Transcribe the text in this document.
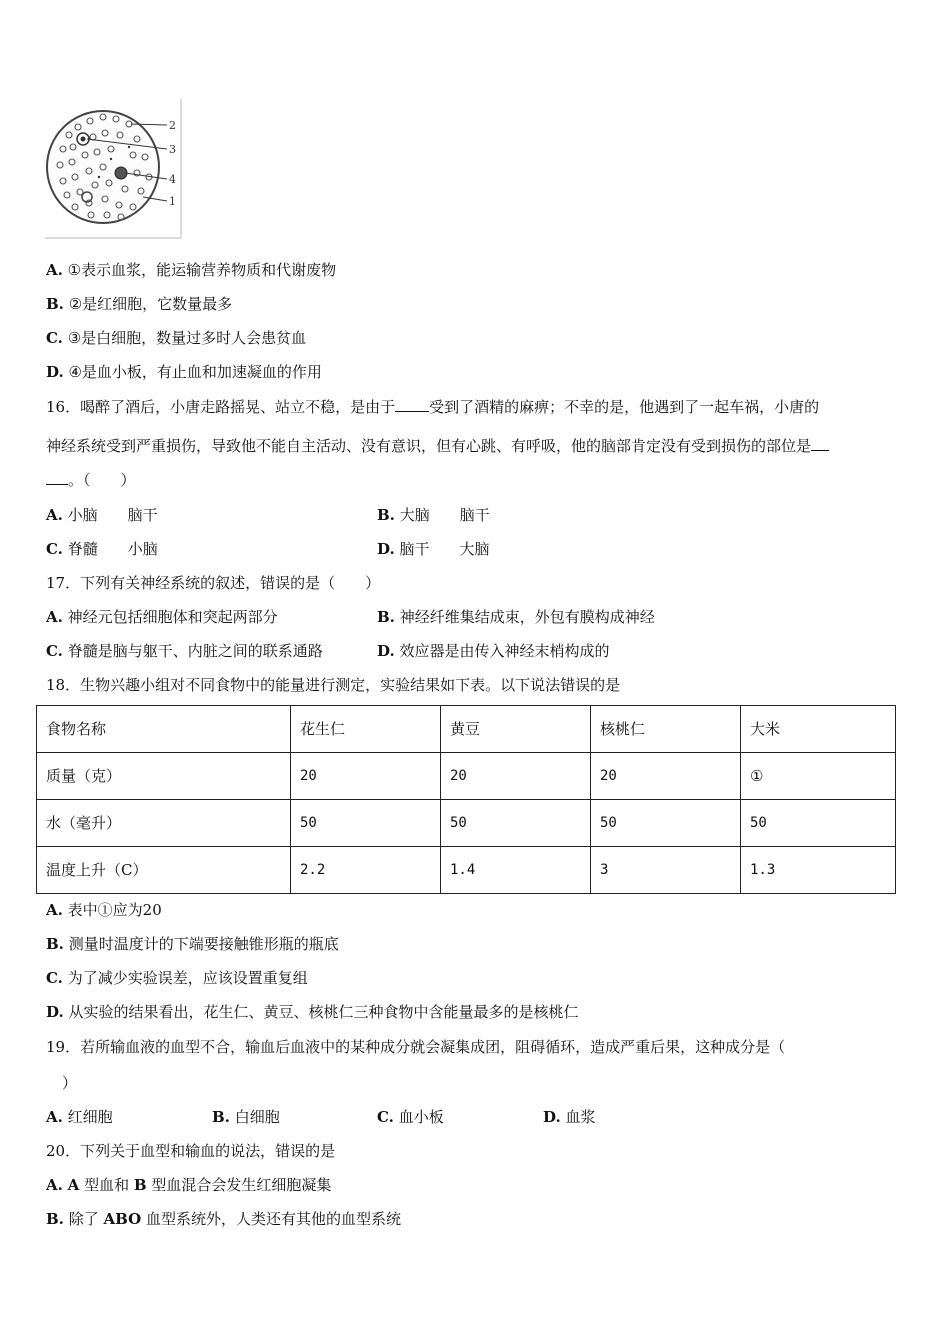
2
3
4
1
A. ①表示血浆，能运输营养物质和代谢废物
B. ②是红细胞，它数量最多
C. ③是白细胞，数量过多时人会患贫血
D. ④是血小板，有止血和加速凝血的作用
16．喝醉了酒后，小唐走路摇晃、站立不稳，是由于 受到了酒精的麻痹；不幸的是，他遇到了一起车祸，小唐的
神经系统受到严重损伤，导致他不能自主活动、没有意识，但有心跳、有呼吸，他的脑部肯定没有受到损伤的部位是
。（　　）
A. 小脑　　脑干	B. 大脑　　脑干
C. 脊髓　　小脑	D. 脑干　　大脑
17．下列有关神经系统的叙述，错误的是（　　）
A. 神经元包括细胞体和突起两部分	B. 神经纤维集结成束，外包有膜构成神经
C. 脊髓是脑与躯干、内脏之间的联系通路	D. 效应器是由传入神经末梢构成的
18．生物兴趣小组对不同食物中的能量进行测定，实验结果如下表。以下说法错误的是
食物名称	花生仁	黄豆	核桃仁	大米
质量（克）	20	20	20	①
水（毫升）	50	50	50	50
温度上升（C）	2.2	1.4	3	1.3
A. 表中①应为20
B. 测量时温度计的下端要接触锥形瓶的瓶底
C. 为了减少实验误差，应该设置重复组
D. 从实验的结果看出，花生仁、黄豆、核桃仁三种食物中含能量最多的是核桃仁
19．若所输血液的血型不合，输血后血液中的某种成分就会凝集成团，阻碍循环，造成严重后果，这种成分是（
）
A. 红细胞	B. 白细胞	C. 血小板	D. 血浆
20．下列关于血型和输血的说法，错误的是
A. A 型血和 B 型血混合会发生红细胞凝集
B. 除了 ABO 血型系统外，人类还有其他的血型系统
